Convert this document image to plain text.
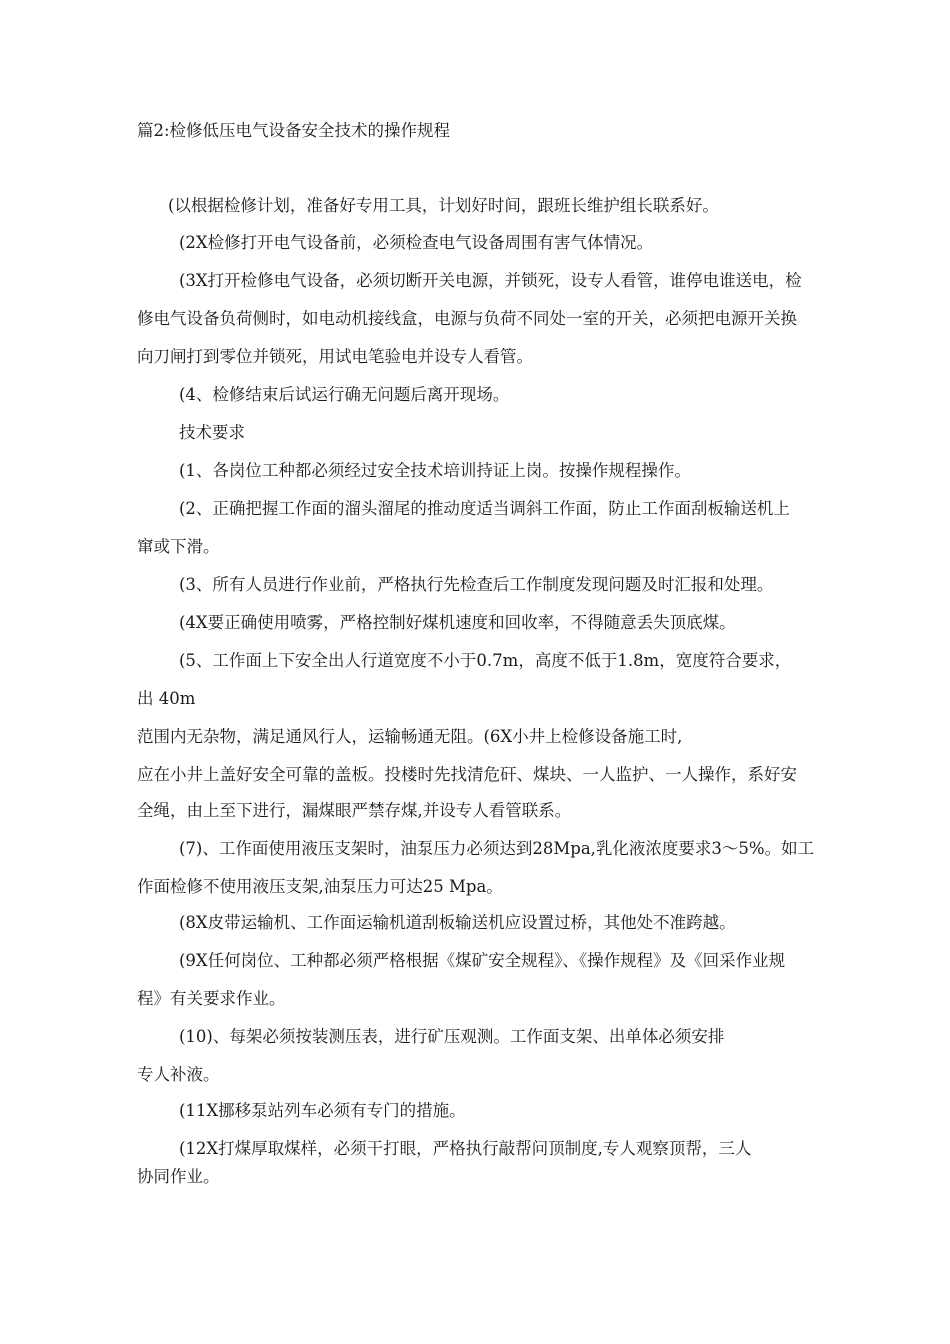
篇2:检修低压电气设备安全技术的操作规程
(以根据检修计划，准备好专用工具，计划好时间，跟班长维护组长联系好。
(2X检修打开电气设备前，必须检查电气设备周围有害气体情况。
(3X打开检修电气设备，必须切断开关电源，并锁死，设专人看管，谁停电谁送电，检
修电气设备负荷侧时，如电动机接线盒，电源与负荷不同处一室的开关，必须把电源开关换
向刀闸打到零位并锁死，用试电笔验电并设专人看管。
(4、检修结束后试运行确无问题后离开现场。
技术要求
(1、各岗位工种都必须经过安全技术培训持证上岗。按操作规程操作。
(2、正确把握工作面的溜头溜尾的推动度适当调斜工作面，防止工作面刮板输送机上
窜或下滑。
(3、所有人员进行作业前，严格执行先检查后工作制度发现问题及时汇报和处理。
(4X要正确使用喷雾，严格控制好煤机速度和回收率，不得随意丢失顶底煤。
(5、工作面上下安全出人行道宽度不小于0.7m，高度不低于1.8m，宽度符合要求，
出 40m
范围内无杂物，满足通风行人，运输畅通无阻。(6X小井上检修设备施工时,
应在小井上盖好安全可靠的盖板。投楼时先找清危矸、煤块、一人监护、一人操作，系好安
全绳，由上至下进行，漏煤眼严禁存煤,并设专人看管联系。
(7)、工作面使用液压支架时，油泵压力必须达到28Mpa,乳化液浓度要求3〜5%。如工
作面检修不使用液压支架,油泵压力可达25 Mpa。
(8X皮带运输机、工作面运输机道刮板输送机应设置过桥，其他处不准跨越。
(9X任何岗位、工种都必须严格根据《煤矿安全规程》、《操作规程》及《回采作业规
程》有关要求作业。
(10)、每架必须按装测压表，进行矿压观测。工作面支架、出单体必须安排
专人补液。
(11X挪移泵站列车必须有专门的措施。
(12X打煤厚取煤样，必须干打眼，严格执行敲帮问顶制度,专人观察顶帮，三人
协同作业。
